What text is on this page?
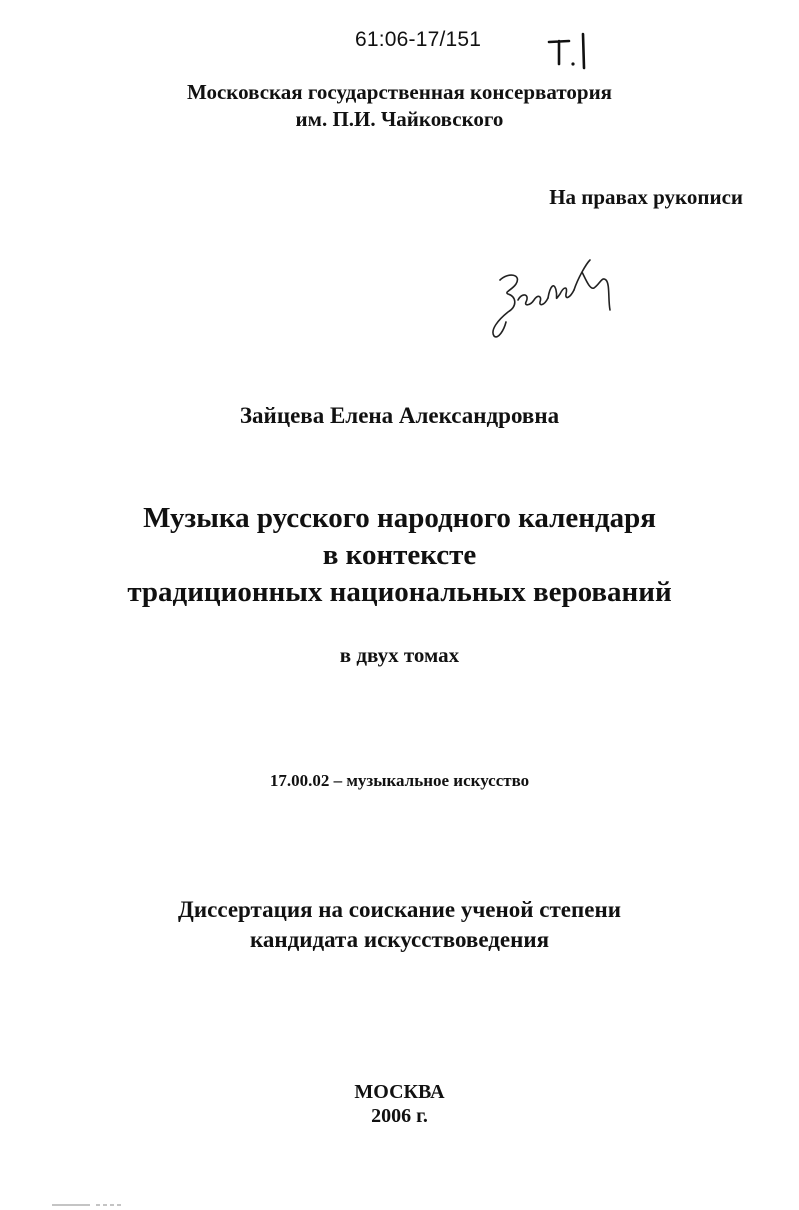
61:06-17/151

Московская государственная консерватория

им. П.И. Чайковского

На правах рукописи

Зайцева Елена Александровна

Музыка русского народного календаря

в контексте

традиционных национальных верований

в двух томах

17.00.02 – музыкальное искусство

Диссертация на соискание ученой степени

кандидата искусствоведения

МОСКВА

2006 г.
